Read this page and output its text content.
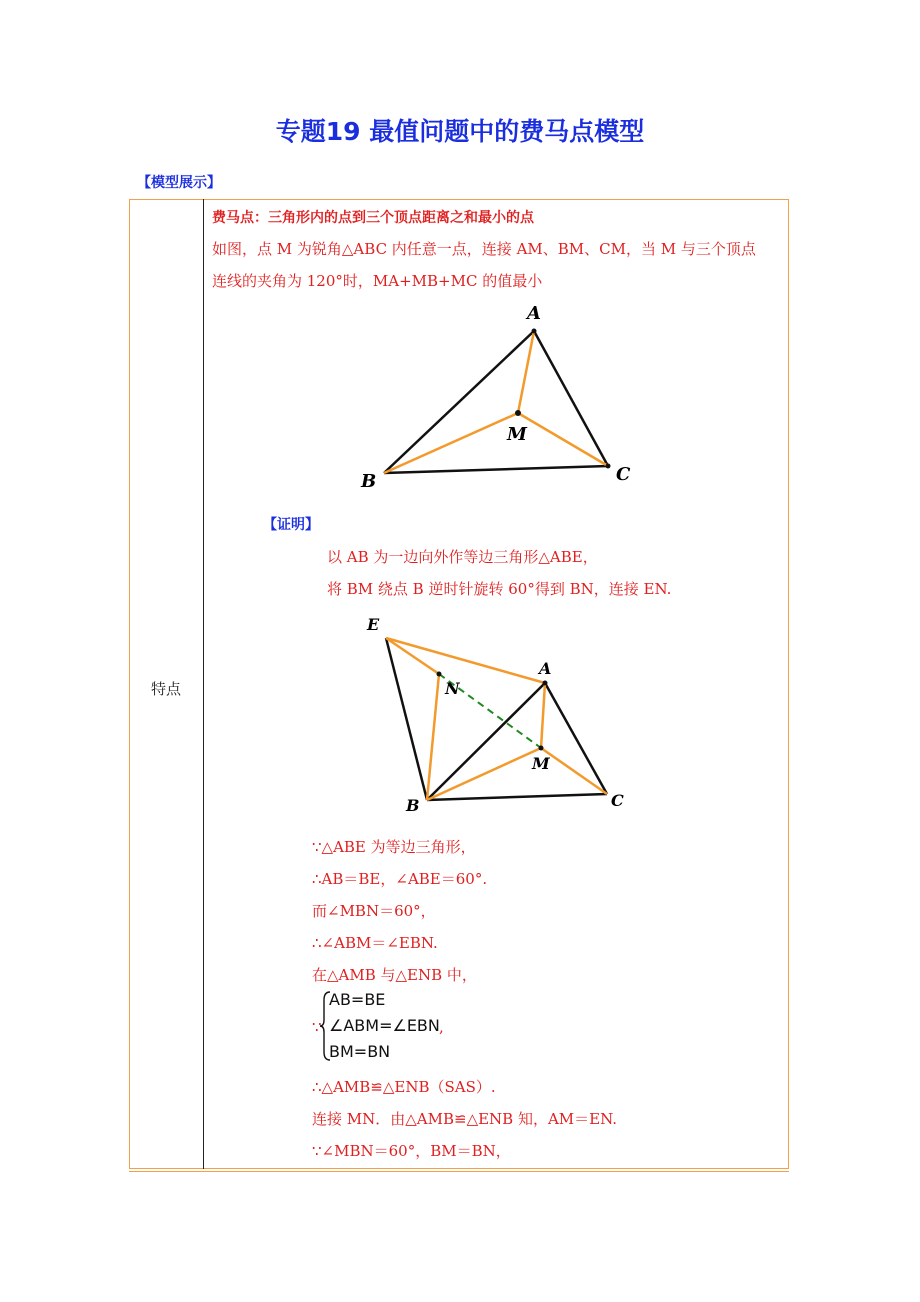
专题19 最值问题中的费马点模型
【模型展示】
特点
费马点：三角形内的点到三个顶点距离之和最小的点
如图，点 M 为锐角△ABC 内任意一点，连接 AM、BM、CM，当 M 与三个顶点
连线的夹角为 120°时，MA+MB+MC 的值最小
A
M
B	C
【证明】
以 AB 为一边向外作等边三角形△ABE，
将 BM 绕点 B 逆时针旋转 60°得到 BN，连接 EN.
E
A
N
M
B	C
∵△ABE 为等边三角形，
∴AB＝BE，∠ABE＝60°.
而∠MBN＝60°，
∴∠ABM＝∠EBN.
在△AMB 与△ENB 中，
∵
AB=BE
∠ABM=∠EBN ,
BM=BN
∴△AMB≌△ENB（SAS）.
连接 MN．由△AMB≌△ENB 知，AM＝EN.
∵∠MBN＝60°，BM＝BN，
